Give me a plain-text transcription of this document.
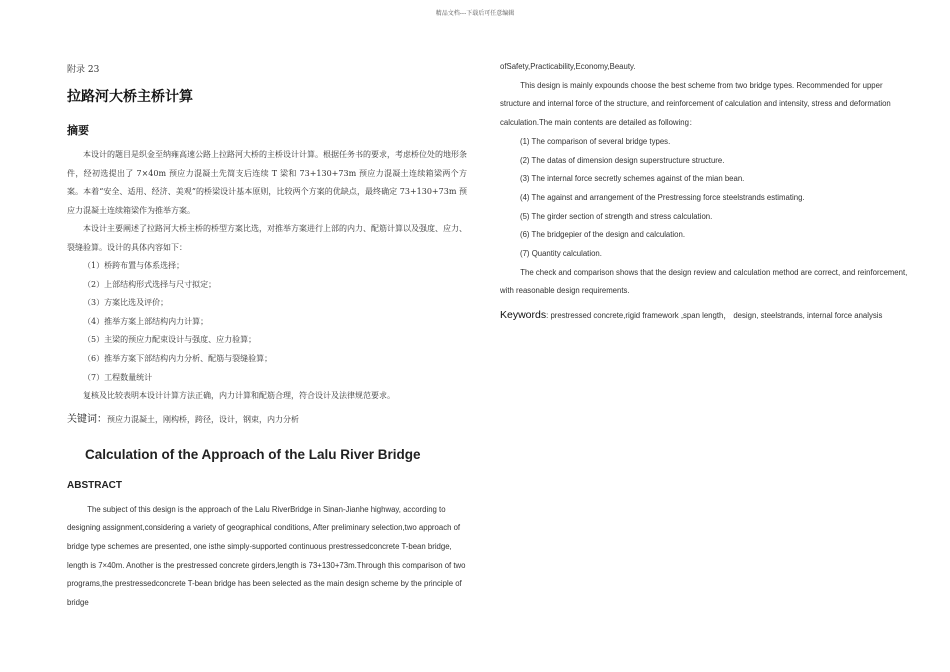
精品文档---下载后可任意编辑

附录 23

拉路河大桥主桥计算
摘要

本设计的题目是织金至纳雍高速公路上拉路河大桥的主桥设计计算。根据任务书的要求，考虑桥位处的地形条件，经初选提出了 7×40m 预应力混凝土先简支后连续 T 梁和 73+130+73m 预应力混凝土连续箱梁两个方案。本着“安全、适用、经济、美观”的桥梁设计基本原则，比较两个方案的优缺点，最终确定 73+130+73m 预应力混凝土连续箱梁作为推举方案。

本设计主要阐述了拉路河大桥主桥的桥型方案比选，对推举方案进行上部的内力、配筋计算以及强度、应力、裂缝验算。设计的具体内容如下：

（1）桥跨布置与体系选择；

（2）上部结构形式选择与尺寸拟定；

（3）方案比选及评价；

（4）推举方案上部结构内力计算；

（5）主梁的预应力配束设计与强度、应力验算；

（6）推举方案下部结构内力分析、配筋与裂缝验算；

（7）工程数量统计

复核及比较表明本设计计算方法正确，内力计算和配筋合理，符合设计及法律规范要求。

关键词：预应力混凝土，刚构桥，跨径，设计，钢束，内力分析
Calculation of the Approach of the Lalu River Bridge
ABSTRACT

The subject of this design is the approach of the Lalu RiverBridge in Sinan-Jianhe highway, according to designing assignment,considering a variety of geographical conditions, After preliminary selection,two approach of bridge type schemes are presented, one isthe simply-supported continuous prestressedconcrete T-bean bridge, length is 7×40m. Another is the prestressed concrete girders,length is 73+130+73m.Through this comparison of two programs,the prestressedconcrete T-bean bridge has been selected as the main design scheme by the principle of bridge

ofSafety,Practicability,Economy,Beauty.

This design is mainly expounds choose the best scheme from two bridge types. Recommended for upper structure and internal force of the structure, and reinforcement of calculation and intensity, stress and deformation calculation.The main contents are detailed as following：

(1) The comparison of several bridge types.

(2) The datas of dimension design superstructure structure.

(3) The internal force secretly schemes against of the mian bean.

(4) The against and arrangement of the Prestressing force steelstrands estimating.

(5) The girder section of strength and stress calculation.

(6) The bridgepier of the design and calculation.

(7) Quantity calculation.

The check and comparison shows that the design review and calculation method are correct, and reinforcement, with reasonable design requirements.

Keywords: prestressed concrete,rigid framework ,span length， design, steelstrands, internal force analysis
